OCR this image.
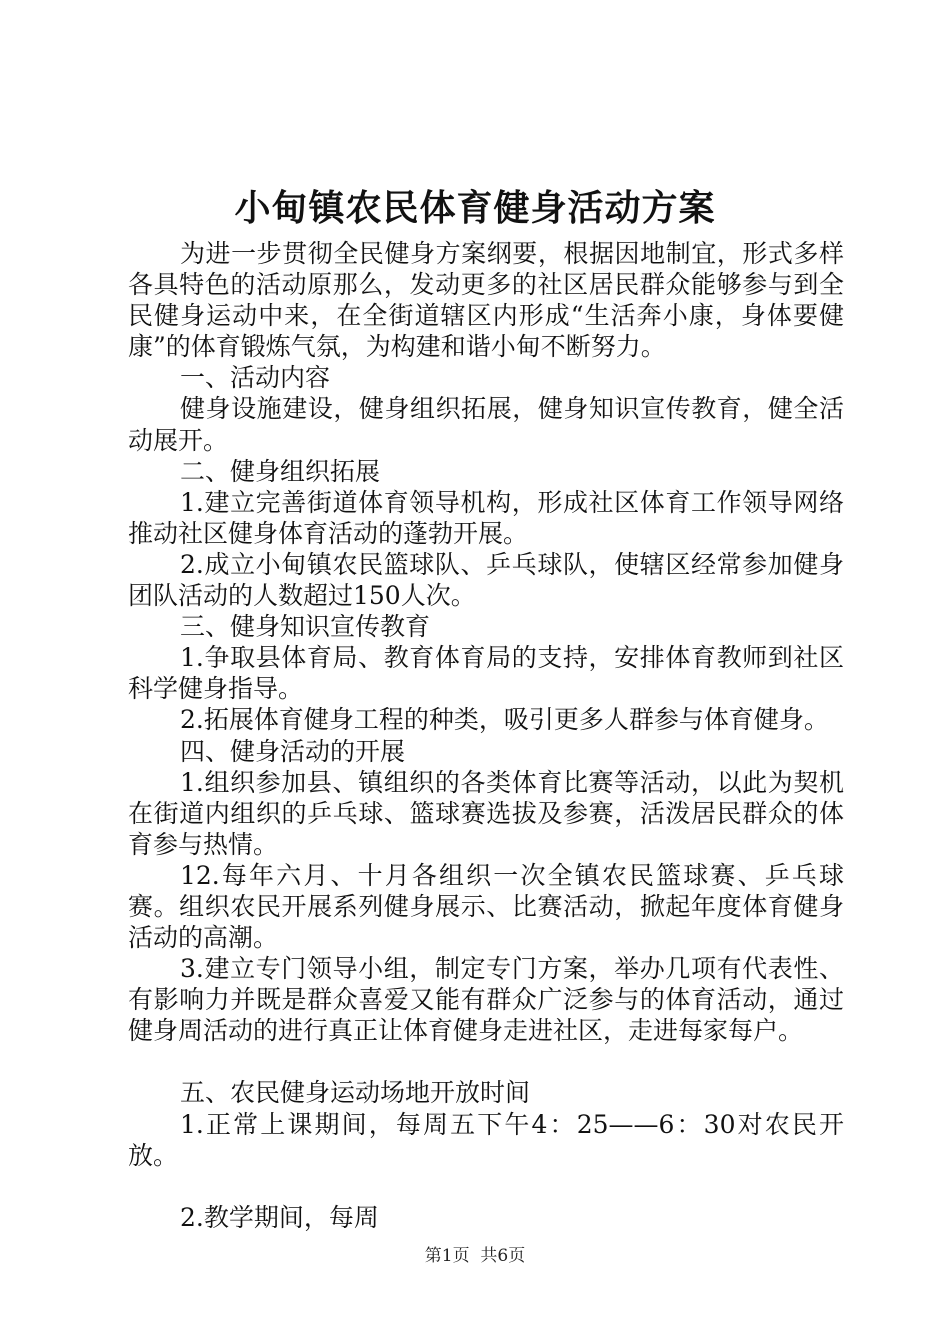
小甸镇农民体育健身活动方案

为进一步贯彻全民健身方案纲要，根据因地制宜，形式多样各具特色的活动原那么，发动更多的社区居民群众能够参与到全民健身运动中来，在全街道辖区内形成“生活奔小康，身体要健康”的体育锻炼气氛，为构建和谐小甸不断努力。

一、活动内容

健身设施建设，健身组织拓展，健身知识宣传教育，健全活动展开。

二、健身组织拓展

1.建立完善街道体育领导机构，形成社区体育工作领导网络推动社区健身体育活动的蓬勃开展。

2.成立小甸镇农民篮球队、乒乓球队，使辖区经常参加健身团队活动的人数超过150人次。

三、健身知识宣传教育

1.争取县体育局、教育体育局的支持，安排体育教师到社区科学健身指导。

2.拓展体育健身工程的种类，吸引更多人群参与体育健身。

四、健身活动的开展

1.组织参加县、镇组织的各类体育比赛等活动，以此为契机在街道内组织的乒乓球、篮球赛选拔及参赛，活泼居民群众的体育参与热情。

12.每年六月、十月各组织一次全镇农民篮球赛、乒乓球赛。组织农民开展系列健身展示、比赛活动，掀起年度体育健身活动的高潮。

3.建立专门领导小组，制定专门方案，举办几项有代表性、有影响力并既是群众喜爱又能有群众广泛参与的体育活动，通过健身周活动的进行真正让体育健身走进社区，走进每家每户。

五、农民健身运动场地开放时间

1.正常上课期间，每周五下午4：25——6：30对农民开放。

2.教学期间，每周

第1页 共6页
